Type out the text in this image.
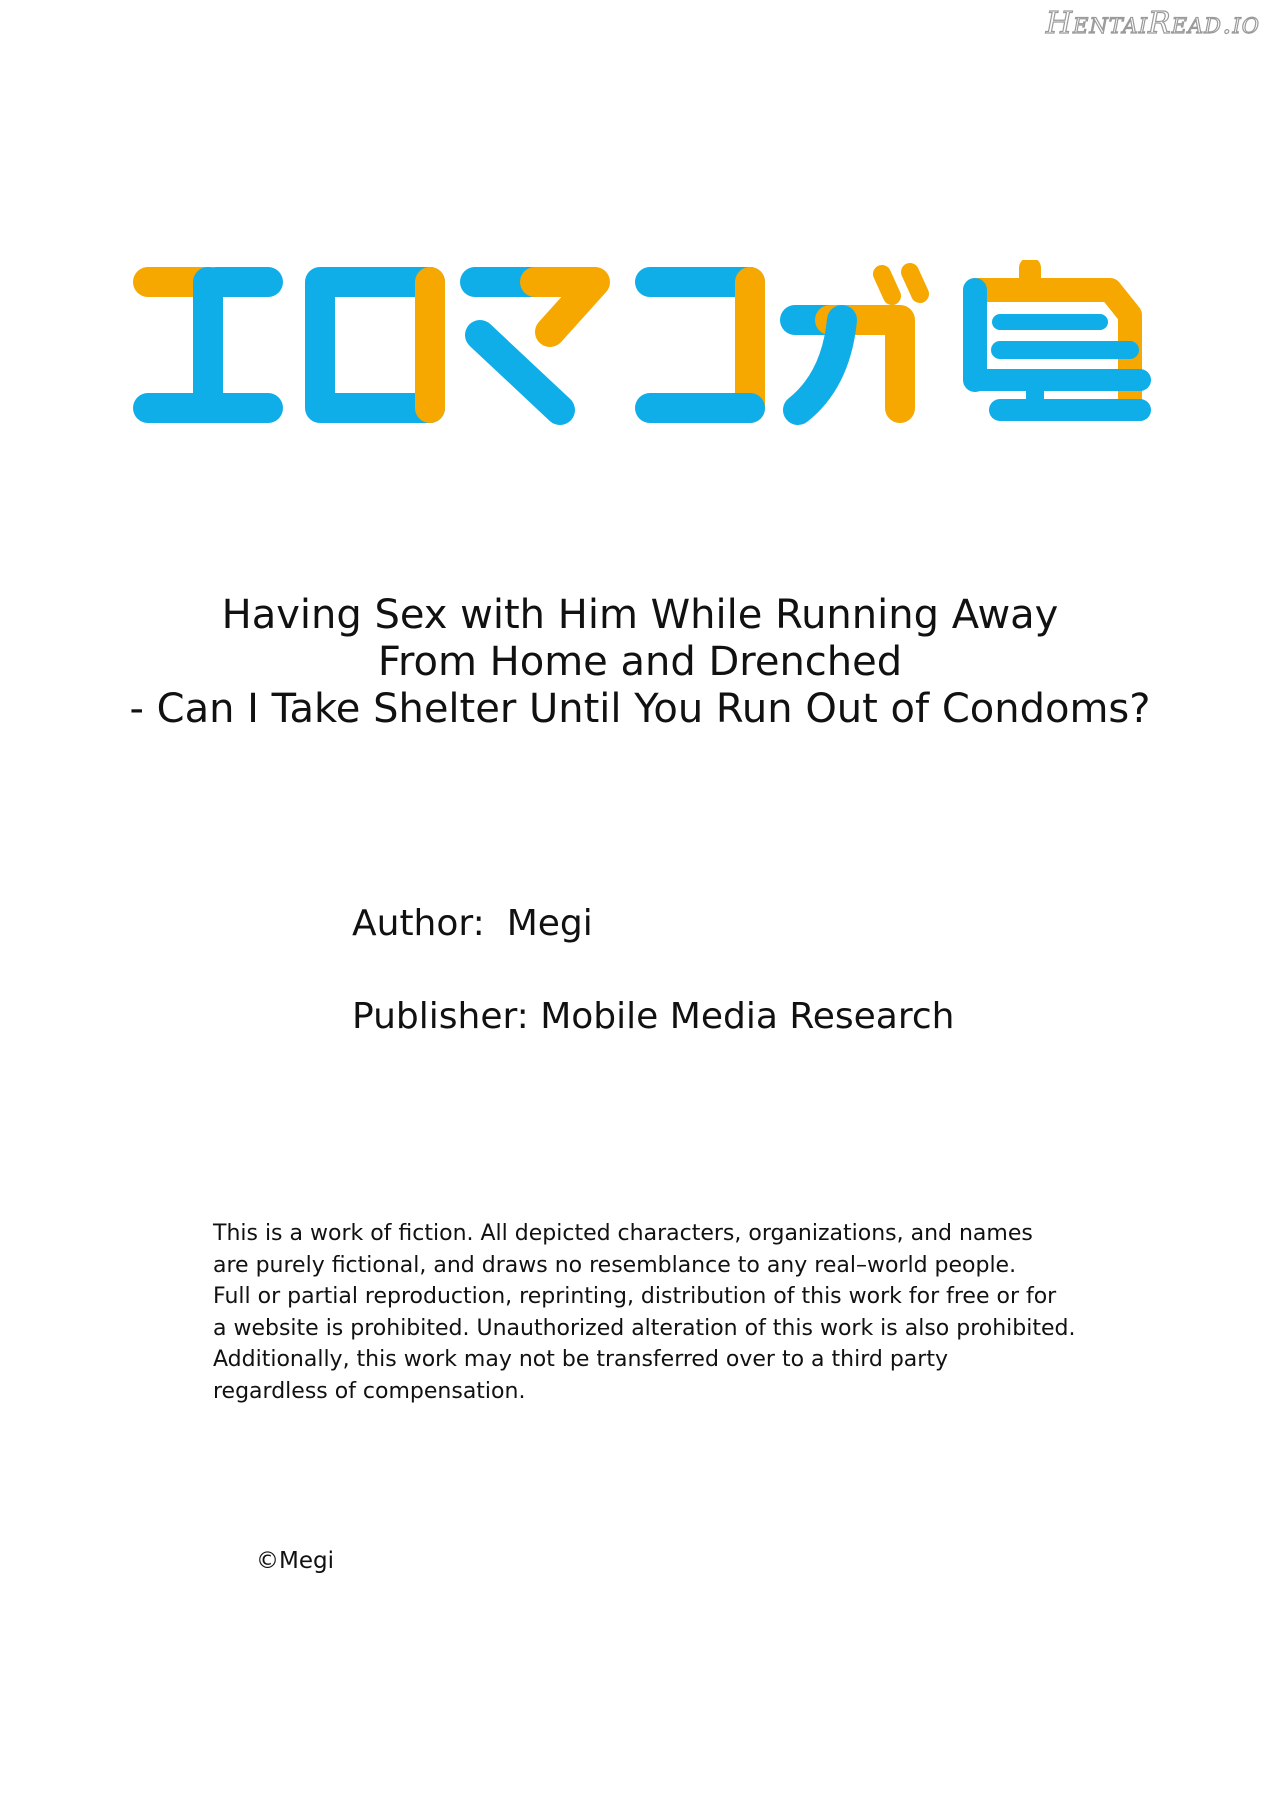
HentaiRead.io
Having Sex with Him While Running Away
From Home and Drenched
- Can I Take Shelter Until You Run Out of Condoms?
Author: Megi
Publisher: Mobile Media Research
This is a work of fiction. All depicted characters, organizations, and names
are purely fictional, and draws no resemblance to any real–world people.
Full or partial reproduction, reprinting, distribution of this work for free or for
a website is prohibited. Unauthorized alteration of this work is also prohibited.
Additionally, this work may not be transferred over to a third party
regardless of compensation.
©Megi
